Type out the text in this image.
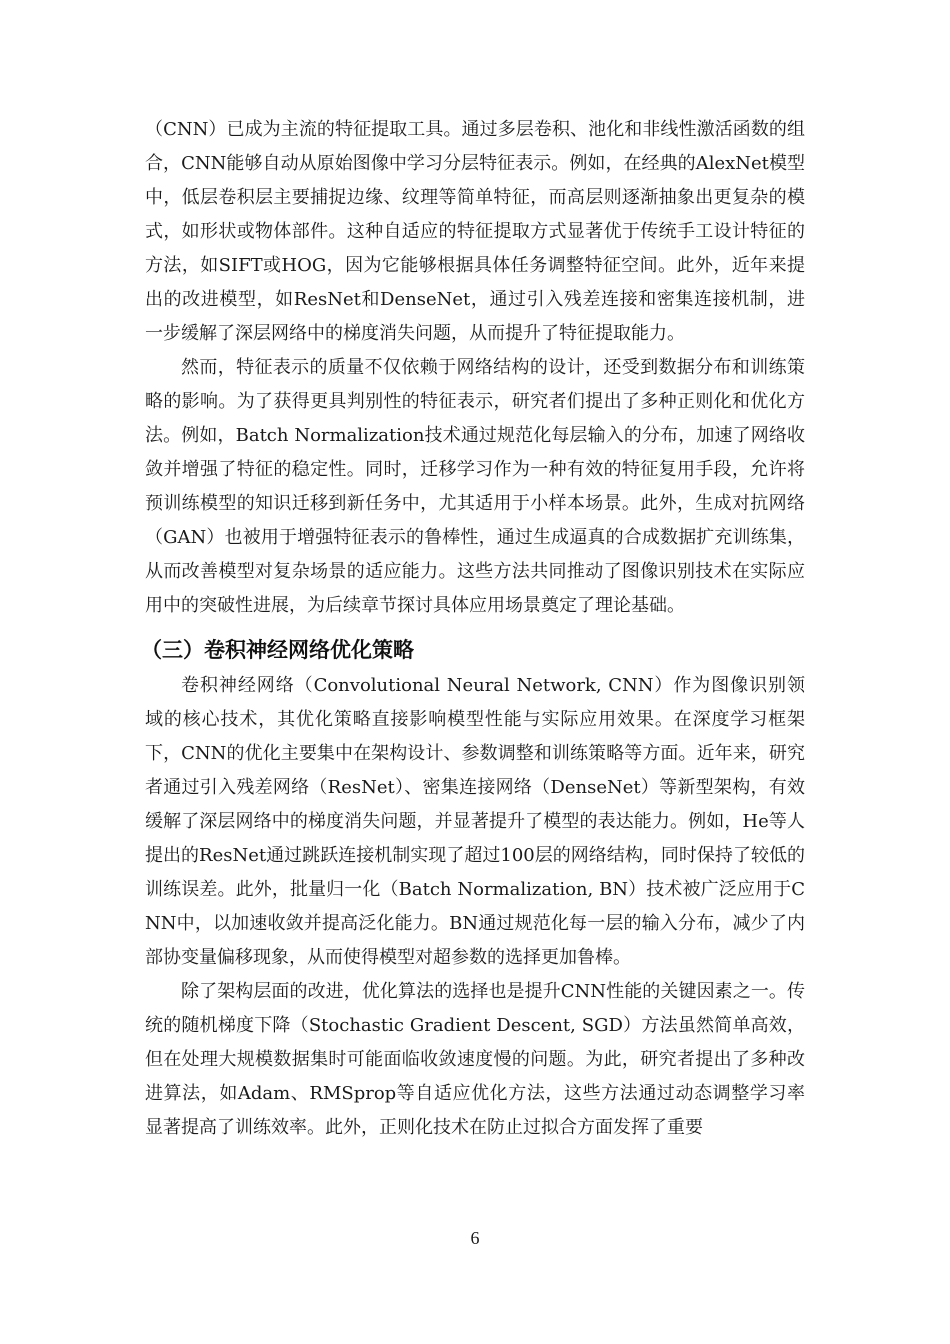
（CNN）已成为主流的特征提取工具。通过多层卷积、池化和非线性激活函数的组合，CNN能够自动从原始图像中学习分层特征表示。例如，在经典的AlexNet模型中，低层卷积层主要捕捉边缘、纹理等简单特征，而高层则逐渐抽象出更复杂的模式，如形状或物体部件。这种自适应的特征提取方式显著优于传统手工设计特征的方法，如SIFT或HOG，因为它能够根据具体任务调整特征空间。此外，近年来提出的改进模型，如ResNet和DenseNet，通过引入残差连接和密集连接机制，进一步缓解了深层网络中的梯度消失问题，从而提升了特征提取能力。

然而，特征表示的质量不仅依赖于网络结构的设计，还受到数据分布和训练策略的影响。为了获得更具判别性的特征表示，研究者们提出了多种正则化和优化方法。例如，Batch Normalization技术通过规范化每层输入的分布，加速了网络收敛并增强了特征的稳定性。同时，迁移学习作为一种有效的特征复用手段，允许将预训练模型的知识迁移到新任务中，尤其适用于小样本场景。此外，生成对抗网络（GAN）也被用于增强特征表示的鲁棒性，通过生成逼真的合成数据扩充训练集，从而改善模型对复杂场景的适应能力。这些方法共同推动了图像识别技术在实际应用中的突破性进展，为后续章节探讨具体应用场景奠定了理论基础。

（三）卷积神经网络优化策略

卷积神经网络（Convolutional Neural Network, CNN）作为图像识别领域的核心技术，其优化策略直接影响模型性能与实际应用效果。在深度学习框架下，CNN的优化主要集中在架构设计、参数调整和训练策略等方面。近年来，研究者通过引入残差网络（ResNet）、密集连接网络（DenseNet）等新型架构，有效缓解了深层网络中的梯度消失问题，并显著提升了模型的表达能力。例如，He等人提出的ResNet通过跳跃连接机制实现了超过100层的网络结构，同时保持了较低的训练误差。此外，批量归一化（Batch Normalization, BN）技术被广泛应用于CNN中，以加速收敛并提高泛化能力。BN通过规范化每一层的输入分布，减少了内部协变量偏移现象，从而使得模型对超参数的选择更加鲁棒。

除了架构层面的改进，优化算法的选择也是提升CNN性能的关键因素之一。传统的随机梯度下降（Stochastic Gradient Descent, SGD）方法虽然简单高效，但在处理大规模数据集时可能面临收敛速度慢的问题。为此，研究者提出了多种改进算法，如Adam、RMSprop等自适应优化方法，这些方法通过动态调整学习率显著提高了训练效率。此外，正则化技术在防止过拟合方面发挥了重要

6
